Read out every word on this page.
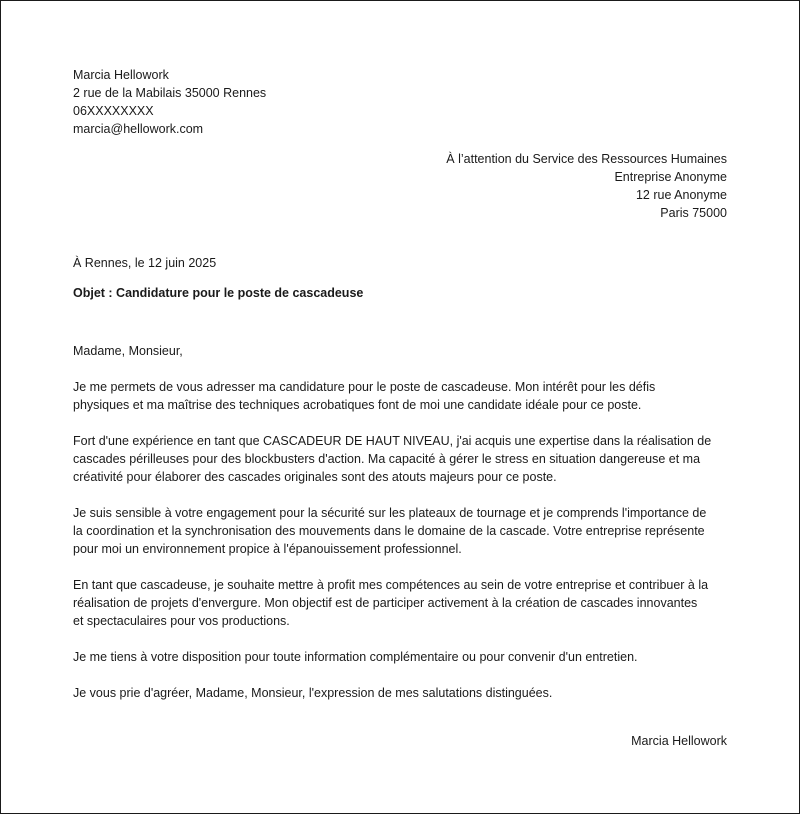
Marcia Hellowork
2 rue de la Mabilais 35000 Rennes
06XXXXXXXX
marcia@hellowork.com
À l’attention du Service des Ressources Humaines
Entreprise Anonyme
12 rue Anonyme
Paris 75000
À Rennes, le 12 juin 2025
Objet : Candidature pour le poste de cascadeuse

Madame, Monsieur,

Je me permets de vous adresser ma candidature pour le poste de cascadeuse. Mon intérêt pour les défis
physiques et ma maîtrise des techniques acrobatiques font de moi une candidate idéale pour ce poste.

Fort d'une expérience en tant que CASCADEUR DE HAUT NIVEAU, j'ai acquis une expertise dans la réalisation de
cascades périlleuses pour des blockbusters d'action. Ma capacité à gérer le stress en situation dangereuse et ma
créativité pour élaborer des cascades originales sont des atouts majeurs pour ce poste.

Je suis sensible à votre engagement pour la sécurité sur les plateaux de tournage et je comprends l'importance de
la coordination et la synchronisation des mouvements dans le domaine de la cascade. Votre entreprise représente
pour moi un environnement propice à l'épanouissement professionnel.

En tant que cascadeuse, je souhaite mettre à profit mes compétences au sein de votre entreprise et contribuer à la
réalisation de projets d'envergure. Mon objectif est de participer activement à la création de cascades innovantes
et spectaculaires pour vos productions.

Je me tiens à votre disposition pour toute information complémentaire ou pour convenir d'un entretien.

Je vous prie d'agréer, Madame, Monsieur, l'expression de mes salutations distinguées.

Marcia Hellowork
